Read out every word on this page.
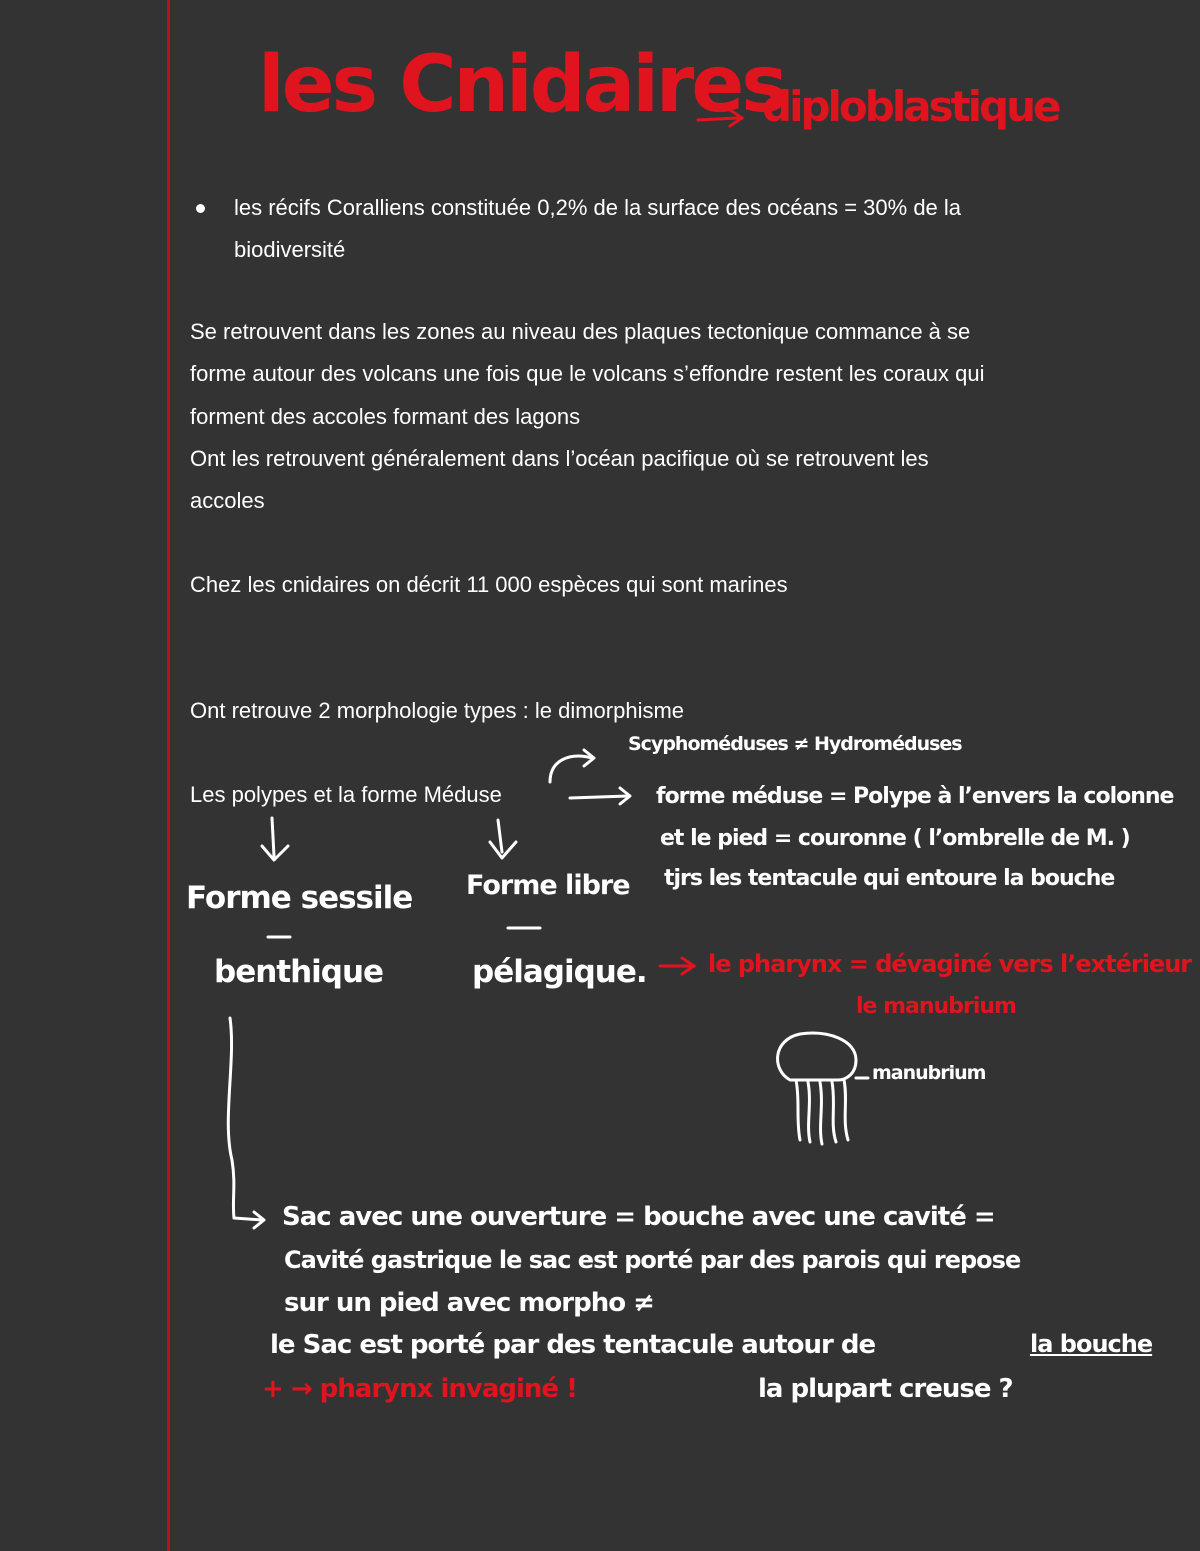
les Cnidaires
diploblastique
les récifs Coralliens constituée 0,2% de la surface des océans = 30% de la
biodiversité
Se retrouvent dans les zones au niveau des plaques tectonique commance à se
forme autour des volcans une fois que le volcans s’effondre restent les coraux qui
forment des accoles formant des lagons
Ont les retrouvent généralement dans l’océan pacifique où se retrouvent les
accoles
Chez les cnidaires on décrit 11 000 espèces qui sont marines
Ont retrouve 2 morphologie types : le dimorphisme
Les polypes et la forme Méduse
Scyphoméduses ≠ Hydroméduses
forme méduse = Polype à l’envers la colonne
et le pied = couronne ( l’ombrelle de M. )
tjrs les tentacule qui entoure la bouche
le pharynx = dévaginé vers l’extérieur
le manubrium
manubrium
Forme sessile
benthique
Forme libre
pélagique.
Sac avec une ouverture = bouche avec une cavité =
Cavité gastrique le sac est porté par des parois qui repose
sur un pied avec morpho ≠
le Sac est porté par des tentacule autour de	la bouche
+ → pharynx invaginé !	la plupart creuse ?
